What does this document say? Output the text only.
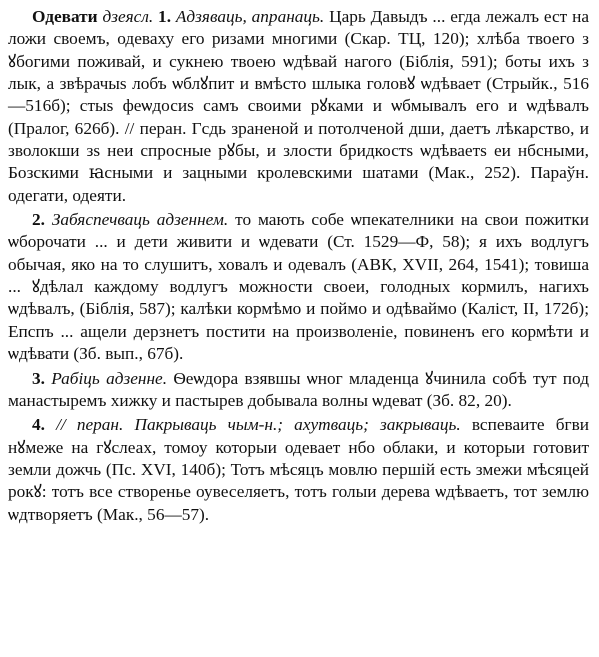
Одевати дзеясл. 1. Адзяваць, апранаць. Царь Давыдъ ... егда лежалъ ест на ложи своемъ, одеваху его ризами многими (Скар. ТЦ, 120); хлѣба твоего з ꙋбогими поживай, и сукнею твоею ѡдѣвай нагого (Біблія, 591); боты ихъ з лык, а звѣрачыѕ лобъ ѡблꙋпит и вмѣсто шлыка головꙋ ѡдѣвает (Стрыйк., 516—516б); стыѕ феѡдосиѕ самъ своими рꙋками и ѡбмывалъ его и ѡдѣвалъ (Пралог, 626б). // перан. Гсдь зраненой и потолченой дши, даетъ лѣкарство, и зволокши зѕ неи спросные рꙋбы, и злости бридкостѕ ѡдѣваетѕ еи нбсными, Бозскими ꙗсными и зацными кролевскими шатами (Мак., 252). Параўн. одегати, одеяти.

2. Забяспечваць адзеннем. то мають собе ѡпекателники на свои пожитки ѡборочати ... и дети живити и ѡдевати (Ст. 1529—Ф, 58); я ихъ водлугъ обычая, яко на то слушитъ, ховалъ и одевалъ (АВК, XVII, 264, 1541); товиша ... ꙋдѣлал каждому водлугъ можности своеи, голодных кормилъ, нагихъ ѡдѣвалъ, (Біблія, 587); калѣки кормѣмо и поймо и одѣваймо (Каліст, II, 172б); Епспъ ... ащели дерзнетъ постити на произволеніе, повиненъ его кормѣти и ѡдѣвати (Зб. вып., 67б).

3. Рабіць адзенне. Ѳеѡдора взявшы ѡног младенца ꙋчинила собѣ тут под манастыремъ хижку и пастырев добывала волны ѡдеват (Зб. 82, 20).

4. // перан. Пакрываць чым-н.; ахутваць; закрываць. вспеваите бгви нꙋмеже на гꙋслеах, томоу которыи одевает нбо облаки, и которыи готовит земли дожчь (Пс. XVI, 140б); Тотъ мѣсяцъ мовлю першій есть змежи мѣсяцей рокꙋ: тотъ все створенье оувеселяетъ, тотъ голыи дерева ѡдѣваетъ, тот землю ѡдтворяетъ (Мак., 56—57).
